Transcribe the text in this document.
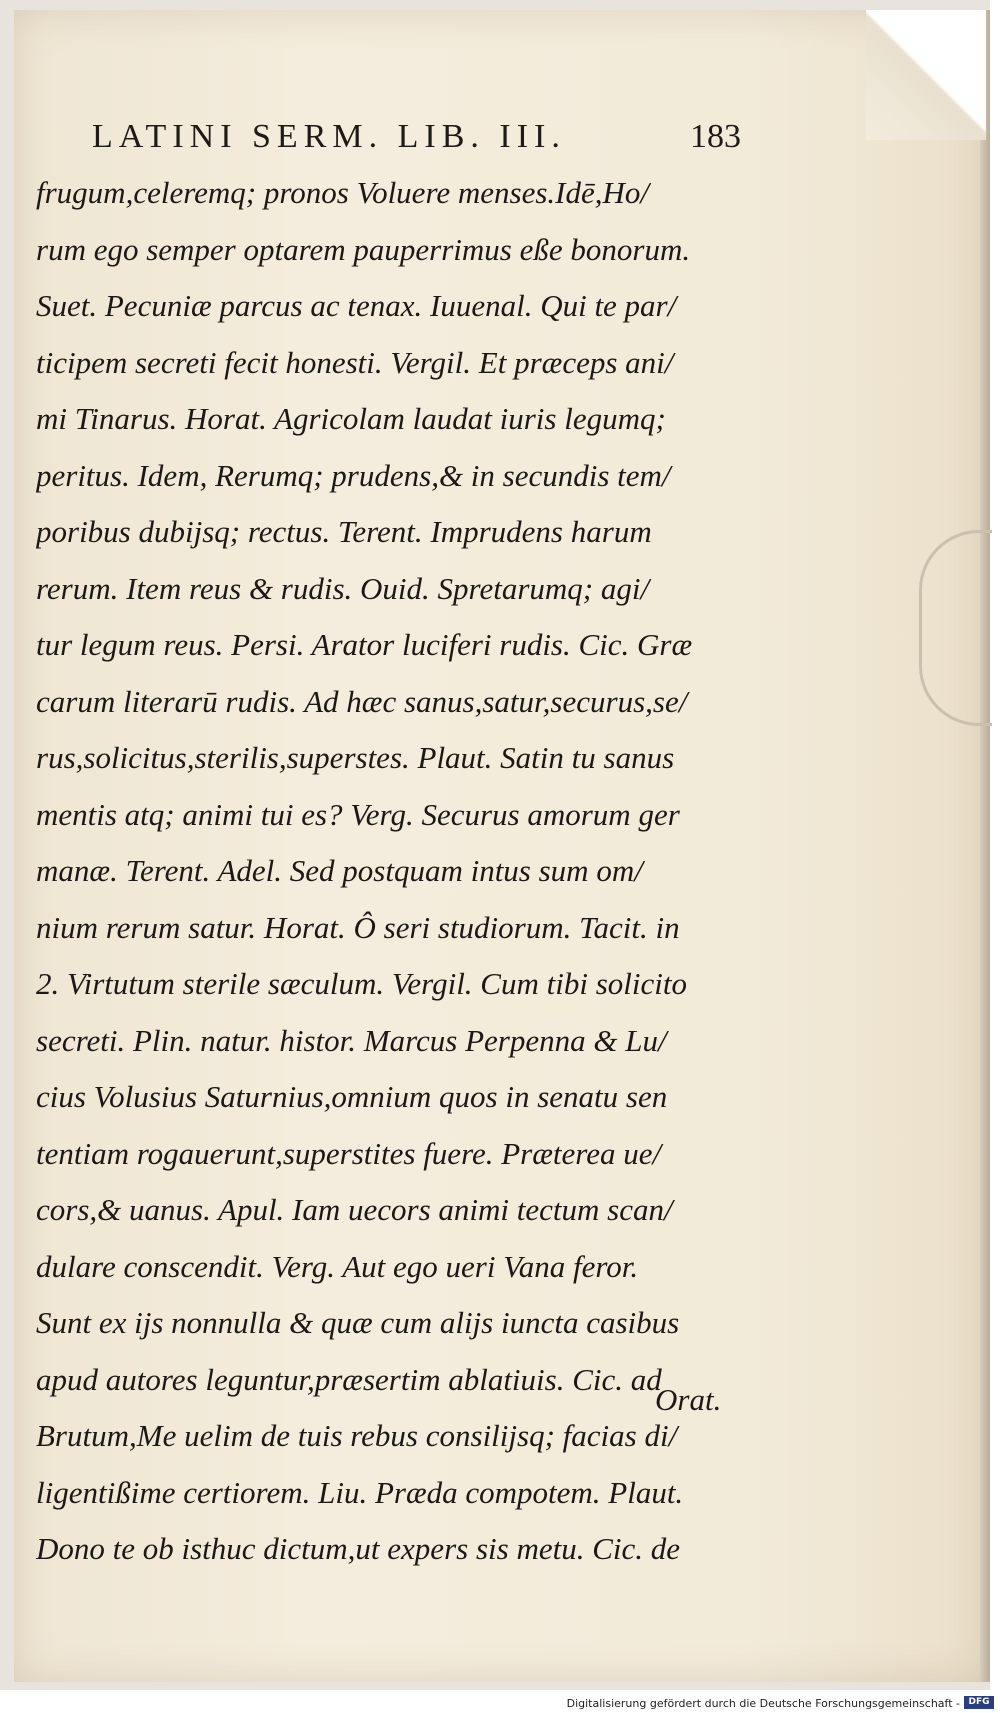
LATINI SERM. LIB. III.	183
frugum,celeremq; pronos Voluere menses.Idē,Ho/
rum ego semper optarem pauperrimus eße bonorum.
Suet. Pecuniæ parcus ac tenax. Iuuenal. Qui te par/
ticipem secreti fecit honesti. Vergil. Et præceps ani/
mi Tinarus. Horat. Agricolam laudat iuris legumq;
peritus. Idem, Rerumq; prudens,& in secundis tem/
poribus dubijsq; rectus. Terent. Imprudens harum
rerum. Item reus & rudis. Ouid. Spretarumq; agi/
tur legum reus. Persi. Arator luciferi rudis. Cic. Græ
carum literarū rudis. Ad hæc sanus,satur,securus,se/
rus,solicitus,sterilis,superstes. Plaut. Satin tu sanus
mentis atq; animi tui es? Verg. Securus amorum ger
manæ. Terent. Adel. Sed postquam intus sum om/
nium rerum satur. Horat. Ô seri studiorum. Tacit. in
2. Virtutum sterile sæculum. Vergil. Cum tibi solicito
secreti. Plin. natur. histor. Marcus Perpenna & Lu/
cius Volusius Saturnius,omnium quos in senatu sen
tentiam rogauerunt,superstites fuere. Præterea ue/
cors,& uanus. Apul. Iam uecors animi tectum scan/
dulare conscendit. Verg. Aut ego ueri Vana feror.
Sunt ex ijs nonnulla & quæ cum alijs iuncta casibus
apud autores leguntur,præsertim ablatiuis. Cic. ad
Brutum,Me uelim de tuis rebus consilijsq; facias di/
ligentißime certiorem. Liu. Præda compotem. Plaut.
Dono te ob isthuc dictum,ut expers sis metu. Cic. de
Orat.
Digitalisierung gefördert durch die Deutsche Forschungsgemeinschaft - DFG
